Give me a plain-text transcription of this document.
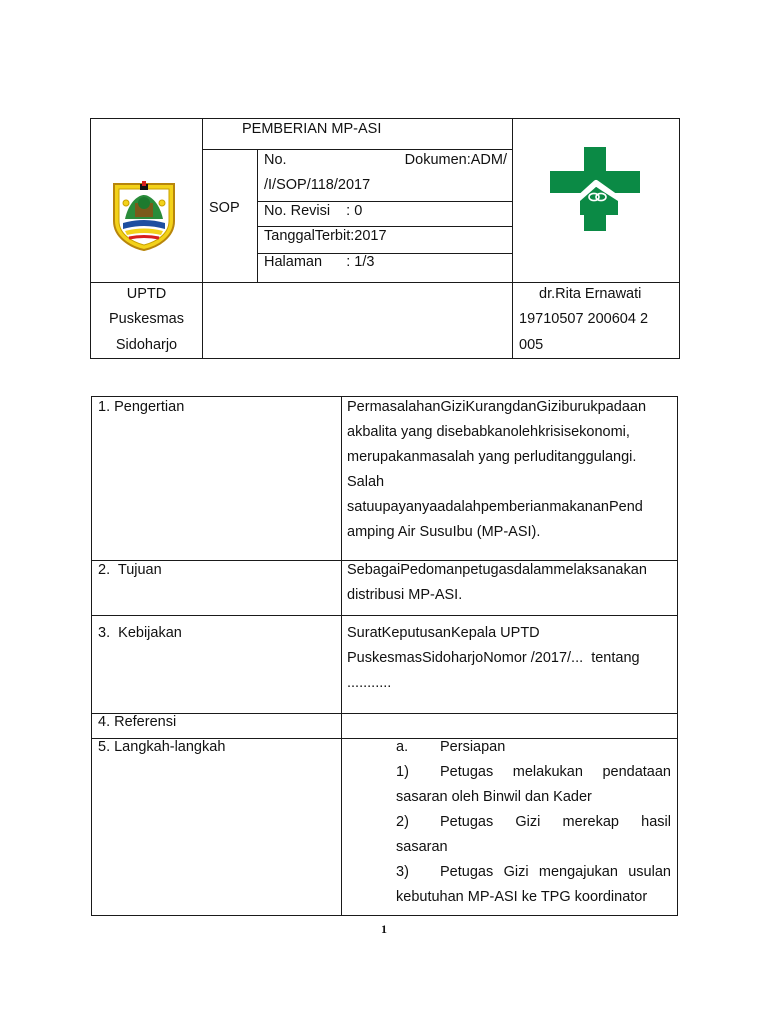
PEMBERIAN MP-ASI
SOP
No.	Dokumen:ADM/
/I/SOP/118/2017
No. Revisi    : 0
TanggalTerbit:2017
Halaman      : 1/3
UPTD
Puskesmas
Sidoharjo
dr.Rita Ernawati
19710507 200604 2
005
1. Pengertian	PermasalahanGiziKurangdanGiziburukpadaan
akbalita yang disebabkanolehkrisisekonomi,
merupakanmasalah yang perluditanggulangi.
Salah
satuupayanyaadalahpemberianmakananPend
amping Air SusuIbu (MP-ASI).
2.  Tujuan	SebagaiPedomanpetugasdalammelaksanakan
distribusi MP-ASI.
3.  Kebijakan	SuratKeputusanKepala UPTD
PuskesmasSidoharjoNomor /2017/...  tentang
...........
4. Referensi
5. Langkah-langkah	a. Persiapan
1) Petugas melakukan pendataan
sasaran oleh Binwil dan Kader
2) Petugas Gizi merekap hasil
sasaran
3) Petugas Gizi mengajukan usulan
kebutuhan MP-ASI ke TPG koordinator
1
